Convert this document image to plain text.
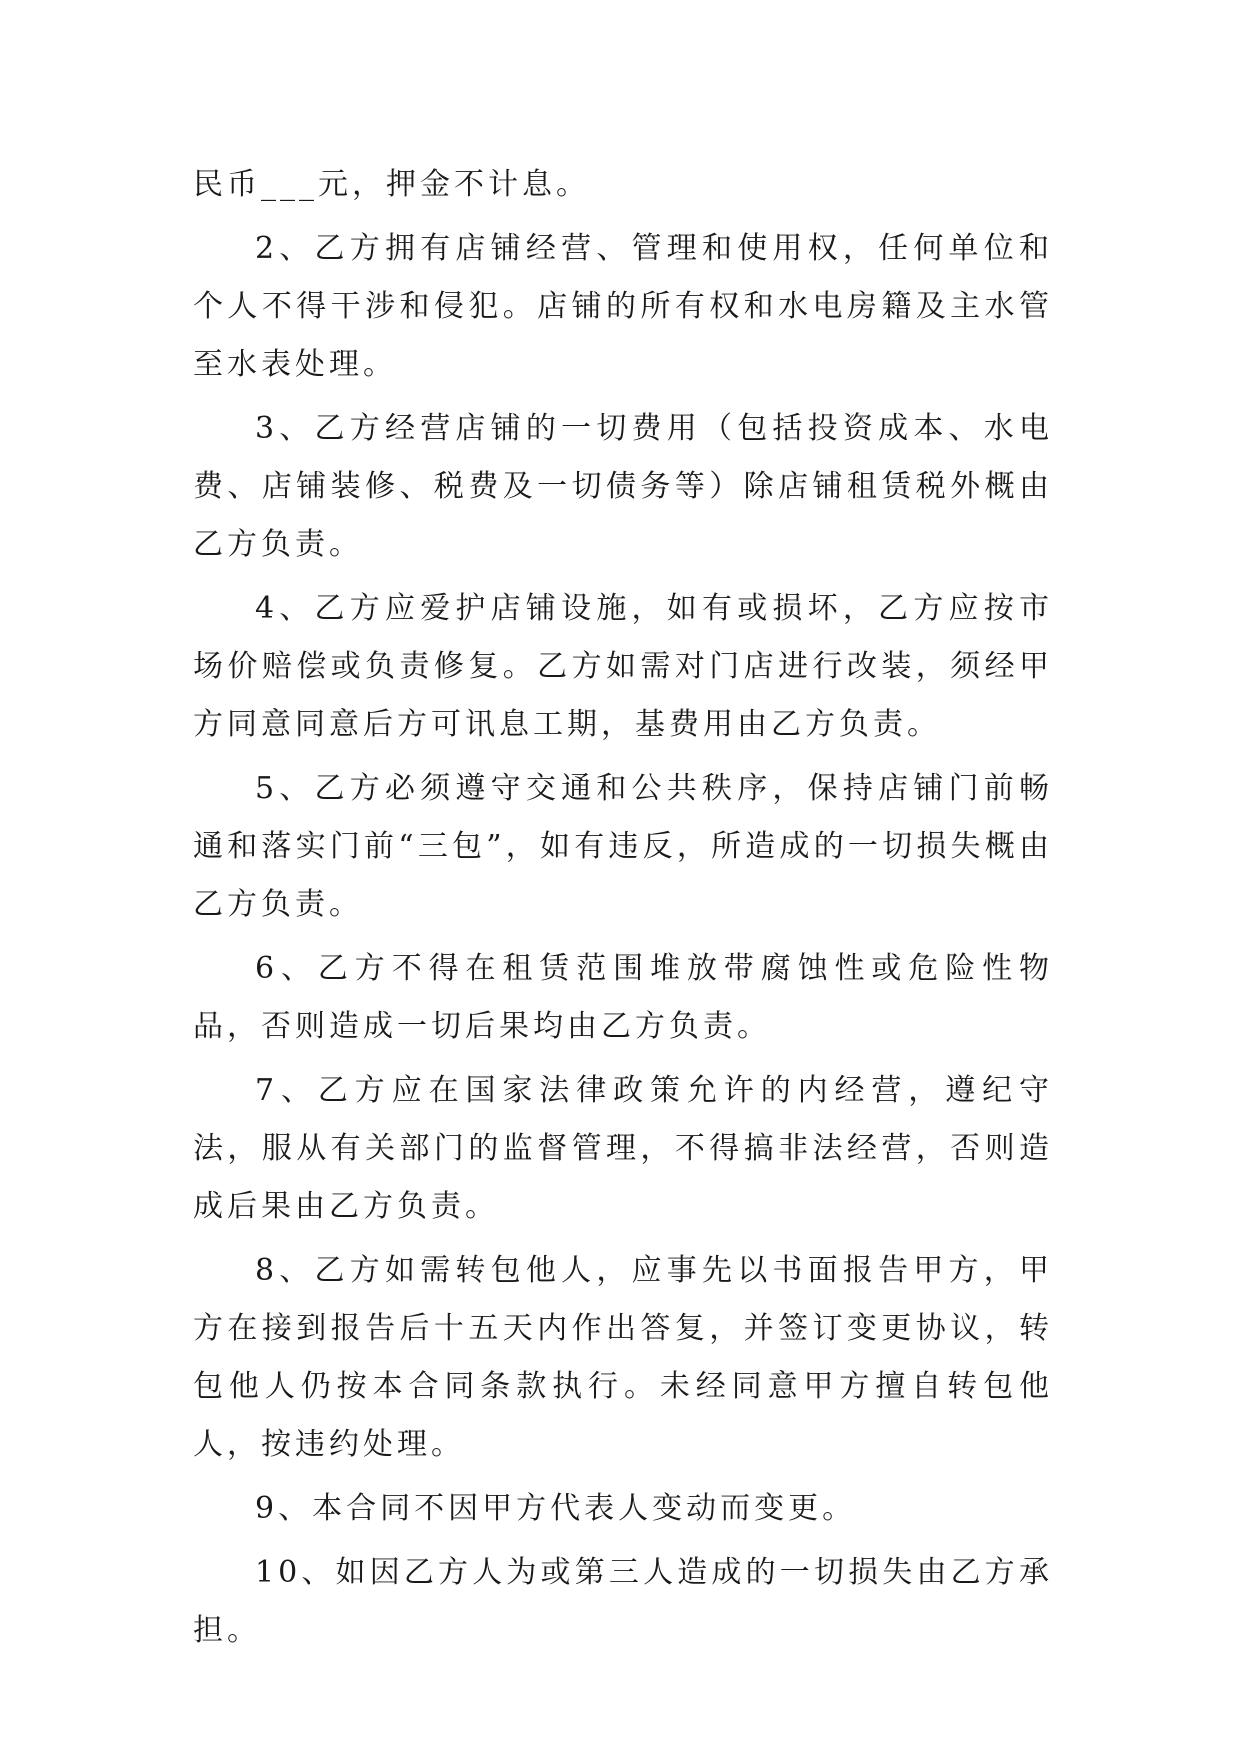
民币___元，押金不计息。

2、乙方拥有店铺经营、管理和使用权，任何单位和个人不得干涉和侵犯。店铺的所有权和水电房籍及主水管至水表处理。

3、乙方经营店铺的一切费用（包括投资成本、水电费、店铺装修、税费及一切债务等）除店铺租赁税外概由乙方负责。

4、乙方应爱护店铺设施，如有或损坏，乙方应按市场价赔偿或负责修复。乙方如需对门店进行改装，须经甲方同意同意后方可讯息工期，基费用由乙方负责。

5、乙方必须遵守交通和公共秩序，保持店铺门前畅通和落实门前“三包”，如有违反，所造成的一切损失概由乙方负责。

6、乙方不得在租赁范围堆放带腐蚀性或危险性物品，否则造成一切后果均由乙方负责。

7、乙方应在国家法律政策允许的内经营，遵纪守法，服从有关部门的监督管理，不得搞非法经营，否则造成后果由乙方负责。

8、乙方如需转包他人，应事先以书面报告甲方，甲方在接到报告后十五天内作出答复，并签订变更协议，转包他人仍按本合同条款执行。未经同意甲方擅自转包他人，按违约处理。

9、本合同不因甲方代表人变动而变更。

10、如因乙方人为或第三人造成的一切损失由乙方承担。
